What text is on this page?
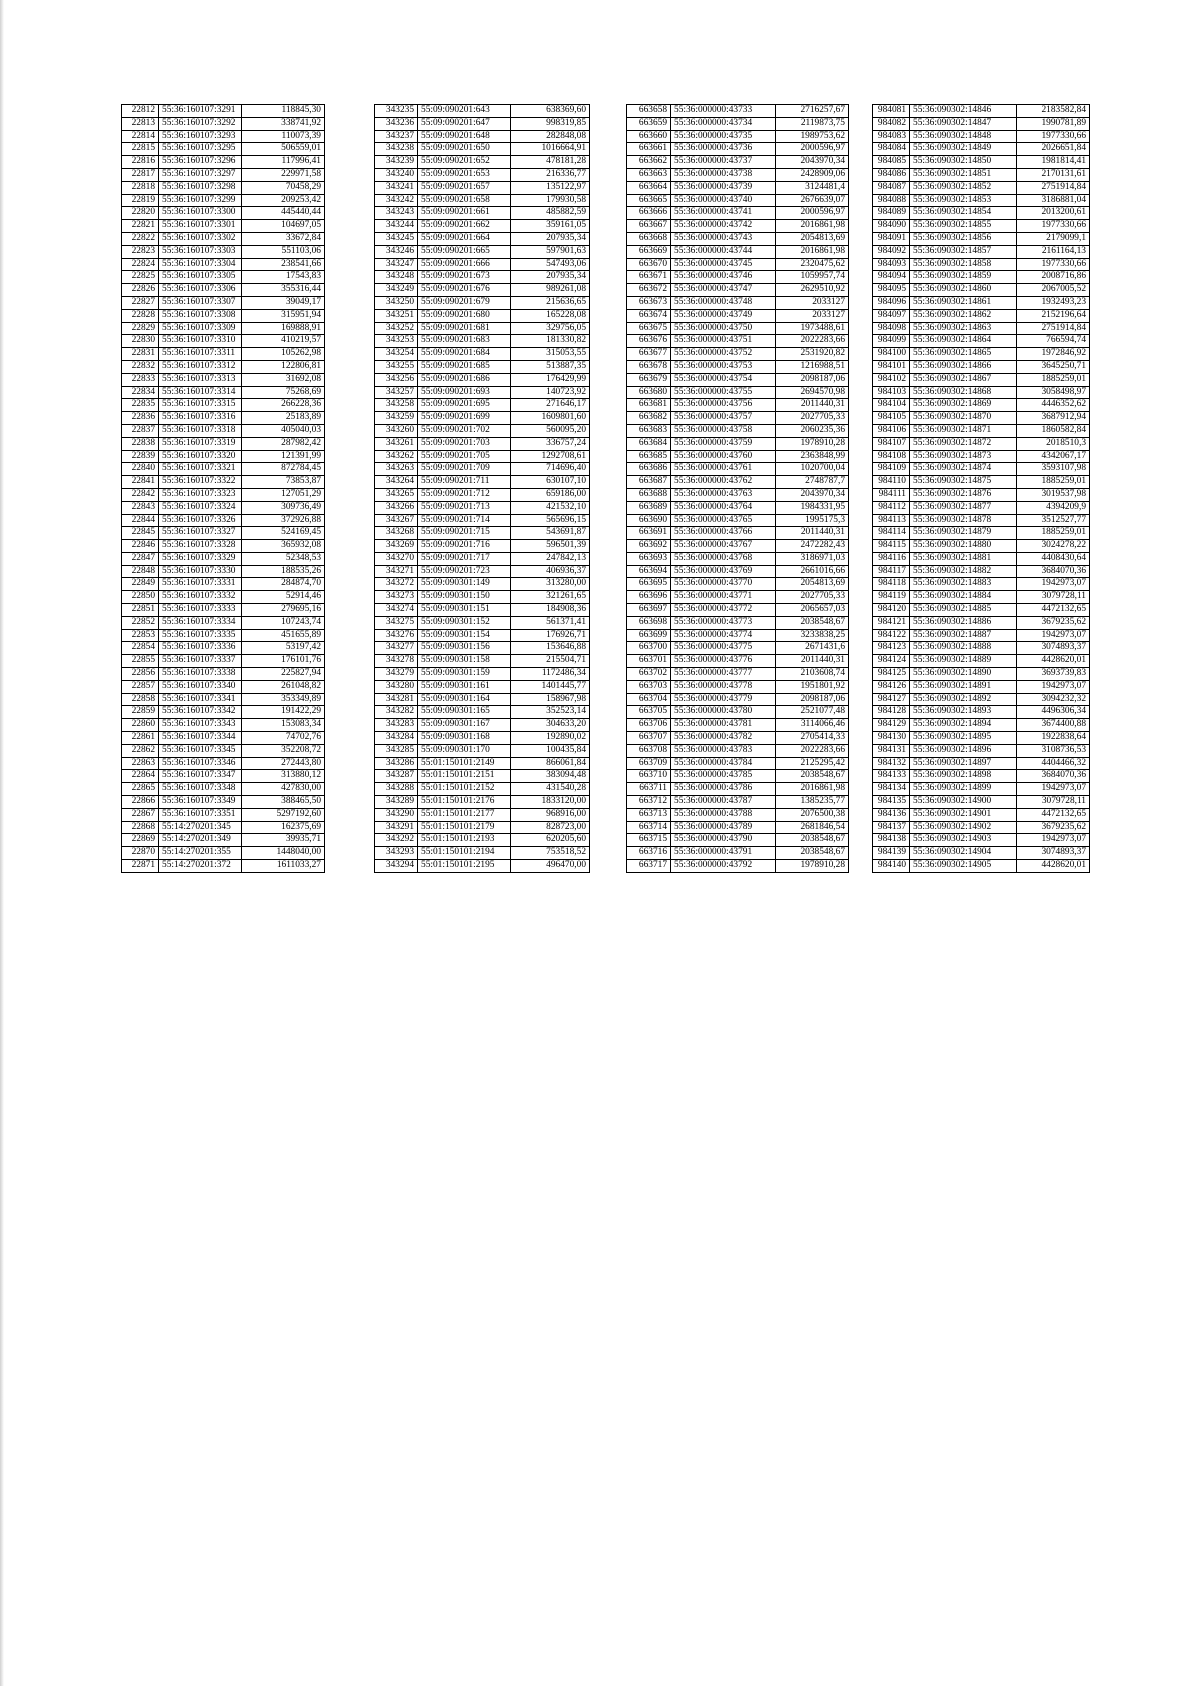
22812	55:36:160107:3291	118845,30
22813	55:36:160107:3292	338741,92
22814	55:36:160107:3293	110073,39
22815	55:36:160107:3295	506559,01
22816	55:36:160107:3296	117996,41
22817	55:36:160107:3297	229971,58
22818	55:36:160107:3298	70458,29
22819	55:36:160107:3299	209253,42
22820	55:36:160107:3300	445440,44
22821	55:36:160107:3301	104697,05
22822	55:36:160107:3302	33672,84
22823	55:36:160107:3303	551103,06
22824	55:36:160107:3304	238541,66
22825	55:36:160107:3305	17543,83
22826	55:36:160107:3306	355316,44
22827	55:36:160107:3307	39049,17
22828	55:36:160107:3308	315951,94
22829	55:36:160107:3309	169888,91
22830	55:36:160107:3310	410219,57
22831	55:36:160107:3311	105262,98
22832	55:36:160107:3312	122806,81
22833	55:36:160107:3313	31692,08
22834	55:36:160107:3314	75268,69
22835	55:36:160107:3315	266228,36
22836	55:36:160107:3316	25183,89
22837	55:36:160107:3318	405040,03
22838	55:36:160107:3319	287982,42
22839	55:36:160107:3320	121391,99
22840	55:36:160107:3321	872784,45
22841	55:36:160107:3322	73853,87
22842	55:36:160107:3323	127051,29
22843	55:36:160107:3324	309736,49
22844	55:36:160107:3326	372926,88
22845	55:36:160107:3327	524169,45
22846	55:36:160107:3328	365932,08
22847	55:36:160107:3329	52348,53
22848	55:36:160107:3330	188535,26
22849	55:36:160107:3331	284874,70
22850	55:36:160107:3332	52914,46
22851	55:36:160107:3333	279695,16
22852	55:36:160107:3334	107243,74
22853	55:36:160107:3335	451655,89
22854	55:36:160107:3336	53197,42
22855	55:36:160107:3337	176101,76
22856	55:36:160107:3338	225827,94
22857	55:36:160107:3340	261048,82
22858	55:36:160107:3341	353349,89
22859	55:36:160107:3342	191422,29
22860	55:36:160107:3343	153083,34
22861	55:36:160107:3344	74702,76
22862	55:36:160107:3345	352208,72
22863	55:36:160107:3346	272443,80
22864	55:36:160107:3347	313880,12
22865	55:36:160107:3348	427830,00
22866	55:36:160107:3349	388465,50
22867	55:36:160107:3351	5297192,60
22868	55:14:270201:345	162375,69
22869	55:14:270201:349	39935,71
22870	55:14:270201:355	1448040,00
22871	55:14:270201:372	1611033,27
343235	55:09:090201:643	638369,60
343236	55:09:090201:647	998319,85
343237	55:09:090201:648	282848,08
343238	55:09:090201:650	1016664,91
343239	55:09:090201:652	478181,28
343240	55:09:090201:653	216336,77
343241	55:09:090201:657	135122,97
343242	55:09:090201:658	179930,58
343243	55:09:090201:661	485882,59
343244	55:09:090201:662	359161,05
343245	55:09:090201:664	207935,34
343246	55:09:090201:665	597901,63
343247	55:09:090201:666	547493,06
343248	55:09:090201:673	207935,34
343249	55:09:090201:676	989261,08
343250	55:09:090201:679	215636,65
343251	55:09:090201:680	165228,08
343252	55:09:090201:681	329756,05
343253	55:09:090201:683	181330,82
343254	55:09:090201:684	315053,55
343255	55:09:090201:685	513887,35
343256	55:09:090201:686	176429,99
343257	55:09:090201:693	140723,92
343258	55:09:090201:695	271646,17
343259	55:09:090201:699	1609801,60
343260	55:09:090201:702	560095,20
343261	55:09:090201:703	336757,24
343262	55:09:090201:705	1292708,61
343263	55:09:090201:709	714696,40
343264	55:09:090201:711	630107,10
343265	55:09:090201:712	659186,00
343266	55:09:090201:713	421532,10
343267	55:09:090201:714	565696,15
343268	55:09:090201:715	543691,87
343269	55:09:090201:716	596501,39
343270	55:09:090201:717	247842,13
343271	55:09:090201:723	406936,37
343272	55:09:090301:149	313280,00
343273	55:09:090301:150	321261,65
343274	55:09:090301:151	184908,36
343275	55:09:090301:152	561371,41
343276	55:09:090301:154	176926,71
343277	55:09:090301:156	153646,88
343278	55:09:090301:158	215504,71
343279	55:09:090301:159	1172486,34
343280	55:09:090301:161	1401445,77
343281	55:09:090301:164	158967,98
343282	55:09:090301:165	352523,14
343283	55:09:090301:167	304633,20
343284	55:09:090301:168	192890,02
343285	55:09:090301:170	100435,84
343286	55:01:150101:2149	866061,84
343287	55:01:150101:2151	383094,48
343288	55:01:150101:2152	431540,28
343289	55:01:150101:2176	1833120,00
343290	55:01:150101:2177	968916,00
343291	55:01:150101:2179	828723,00
343292	55:01:150101:2193	620205,60
343293	55:01:150101:2194	753518,52
343294	55:01:150101:2195	496470,00
663658	55:36:000000:43733	2716257,67
663659	55:36:000000:43734	2119873,75
663660	55:36:000000:43735	1989753,62
663661	55:36:000000:43736	2000596,97
663662	55:36:000000:43737	2043970,34
663663	55:36:000000:43738	2428909,06
663664	55:36:000000:43739	3124481,4
663665	55:36:000000:43740	2676639,07
663666	55:36:000000:43741	2000596,97
663667	55:36:000000:43742	2016861,98
663668	55:36:000000:43743	2054813,69
663669	55:36:000000:43744	2016861,98
663670	55:36:000000:43745	2320475,62
663671	55:36:000000:43746	1059957,74
663672	55:36:000000:43747	2629510,92
663673	55:36:000000:43748	2033127
663674	55:36:000000:43749	2033127
663675	55:36:000000:43750	1973488,61
663676	55:36:000000:43751	2022283,66
663677	55:36:000000:43752	2531920,82
663678	55:36:000000:43753	1216988,51
663679	55:36:000000:43754	2098187,06
663680	55:36:000000:43755	2694570,98
663681	55:36:000000:43756	2011440,31
663682	55:36:000000:43757	2027705,33
663683	55:36:000000:43758	2060235,36
663684	55:36:000000:43759	1978910,28
663685	55:36:000000:43760	2363848,99
663686	55:36:000000:43761	1020700,04
663687	55:36:000000:43762	2748787,7
663688	55:36:000000:43763	2043970,34
663689	55:36:000000:43764	1984331,95
663690	55:36:000000:43765	1995175,3
663691	55:36:000000:43766	2011440,31
663692	55:36:000000:43767	2472282,43
663693	55:36:000000:43768	3186971,03
663694	55:36:000000:43769	2661016,66
663695	55:36:000000:43770	2054813,69
663696	55:36:000000:43771	2027705,33
663697	55:36:000000:43772	2065657,03
663698	55:36:000000:43773	2038548,67
663699	55:36:000000:43774	3233838,25
663700	55:36:000000:43775	2671431,6
663701	55:36:000000:43776	2011440,31
663702	55:36:000000:43777	2103608,74
663703	55:36:000000:43778	1951801,92
663704	55:36:000000:43779	2098187,06
663705	55:36:000000:43780	2521077,48
663706	55:36:000000:43781	3114066,46
663707	55:36:000000:43782	2705414,33
663708	55:36:000000:43783	2022283,66
663709	55:36:000000:43784	2125295,42
663710	55:36:000000:43785	2038548,67
663711	55:36:000000:43786	2016861,98
663712	55:36:000000:43787	1385235,77
663713	55:36:000000:43788	2076500,38
663714	55:36:000000:43789	2681846,54
663715	55:36:000000:43790	2038548,67
663716	55:36:000000:43791	2038548,67
663717	55:36:000000:43792	1978910,28
984081	55:36:090302:14846	2183582,84
984082	55:36:090302:14847	1990781,89
984083	55:36:090302:14848	1977330,66
984084	55:36:090302:14849	2026651,84
984085	55:36:090302:14850	1981814,41
984086	55:36:090302:14851	2170131,61
984087	55:36:090302:14852	2751914,84
984088	55:36:090302:14853	3186881,04
984089	55:36:090302:14854	2013200,61
984090	55:36:090302:14855	1977330,66
984091	55:36:090302:14856	2179099,1
984092	55:36:090302:14857	2161164,13
984093	55:36:090302:14858	1977330,66
984094	55:36:090302:14859	2008716,86
984095	55:36:090302:14860	2067005,52
984096	55:36:090302:14861	1932493,23
984097	55:36:090302:14862	2152196,64
984098	55:36:090302:14863	2751914,84
984099	55:36:090302:14864	766594,74
984100	55:36:090302:14865	1972846,92
984101	55:36:090302:14866	3645250,71
984102	55:36:090302:14867	1885259,01
984103	55:36:090302:14868	3058498,97
984104	55:36:090302:14869	4446352,62
984105	55:36:090302:14870	3687912,94
984106	55:36:090302:14871	1860582,84
984107	55:36:090302:14872	2018510,3
984108	55:36:090302:14873	4342067,17
984109	55:36:090302:14874	3593107,98
984110	55:36:090302:14875	1885259,01
984111	55:36:090302:14876	3019537,98
984112	55:36:090302:14877	4394209,9
984113	55:36:090302:14878	3512527,77
984114	55:36:090302:14879	1885259,01
984115	55:36:090302:14880	3024278,22
984116	55:36:090302:14881	4408430,64
984117	55:36:090302:14882	3684070,36
984118	55:36:090302:14883	1942973,07
984119	55:36:090302:14884	3079728,11
984120	55:36:090302:14885	4472132,65
984121	55:36:090302:14886	3679235,62
984122	55:36:090302:14887	1942973,07
984123	55:36:090302:14888	3074893,37
984124	55:36:090302:14889	4428620,01
984125	55:36:090302:14890	3693739,83
984126	55:36:090302:14891	1942973,07
984127	55:36:090302:14892	3094232,32
984128	55:36:090302:14893	4496306,34
984129	55:36:090302:14894	3674400,88
984130	55:36:090302:14895	1922838,64
984131	55:36:090302:14896	3108736,53
984132	55:36:090302:14897	4404466,32
984133	55:36:090302:14898	3684070,36
984134	55:36:090302:14899	1942973,07
984135	55:36:090302:14900	3079728,11
984136	55:36:090302:14901	4472132,65
984137	55:36:090302:14902	3679235,62
984138	55:36:090302:14903	1942973,07
984139	55:36:090302:14904	3074893,37
984140	55:36:090302:14905	4428620,01
